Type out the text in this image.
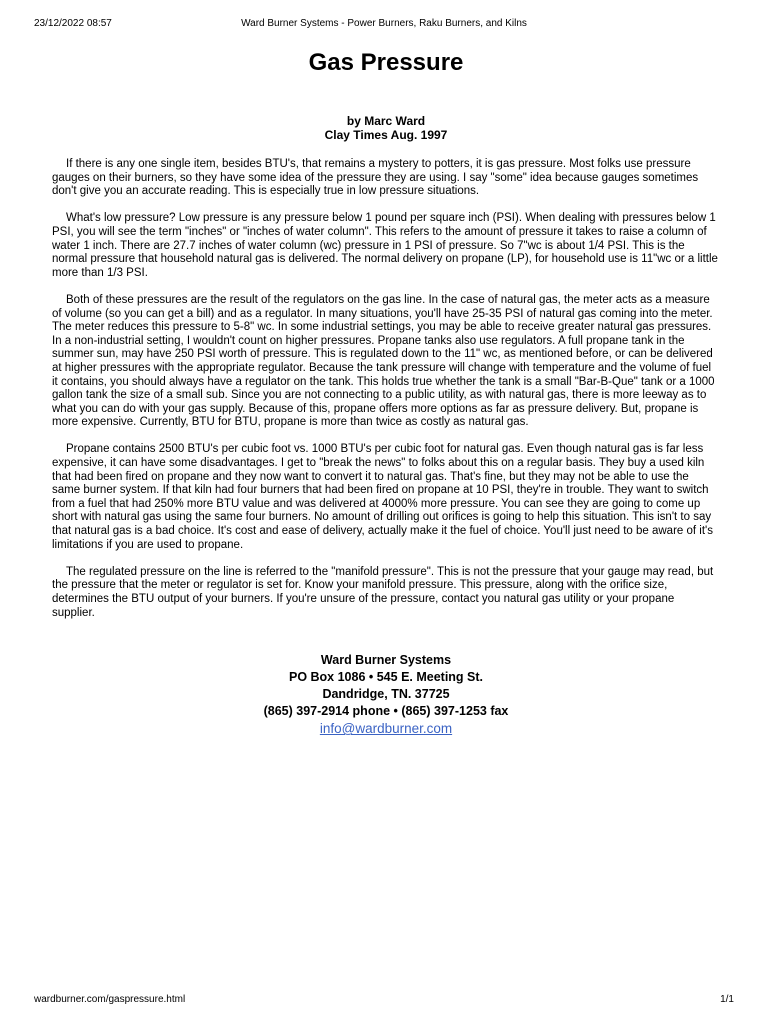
23/12/2022 08:57	Ward Burner Systems - Power Burners, Raku Burners, and Kilns
Gas Pressure
by Marc Ward
Clay Times Aug. 1997

If there is any one single item, besides BTU's, that remains a mystery to potters, it is gas pressure. Most folks use pressure gauges on their burners, so they have some idea of the pressure they are using. I say "some" idea because gauges sometimes don't give you an accurate reading. This is especially true in low pressure situations.

What's low pressure? Low pressure is any pressure below 1 pound per square inch (PSI). When dealing with pressures below 1 PSI, you will see the term "inches" or "inches of water column". This refers to the amount of pressure it takes to raise a column of water 1 inch. There are 27.7 inches of water column (wc) pressure in 1 PSI of pressure. So 7"wc is about 1/4 PSI. This is the normal pressure that household natural gas is delivered. The normal delivery on propane (LP), for household use is 11"wc or a little more than 1/3 PSI.

Both of these pressures are the result of the regulators on the gas line. In the case of natural gas, the meter acts as a measure of volume (so you can get a bill) and as a regulator. In many situations, you'll have 25-35 PSI of natural gas coming into the meter. The meter reduces this pressure to 5-8" wc. In some industrial settings, you may be able to receive greater natural gas pressures. In a non-industrial setting, I wouldn't count on higher pressures. Propane tanks also use regulators. A full propane tank in the summer sun, may have 250 PSI worth of pressure. This is regulated down to the 11" wc, as mentioned before, or can be delivered at higher pressures with the appropriate regulator. Because the tank pressure will change with temperature and the volume of fuel it contains, you should always have a regulator on the tank. This holds true whether the tank is a small "Bar-B-Que" tank or a 1000 gallon tank the size of a small sub. Since you are not connecting to a public utility, as with natural gas, there is more leeway as to what you can do with your gas supply. Because of this, propane offers more options as far as pressure delivery. But, propane is more expensive. Currently, BTU for BTU, propane is more than twice as costly as natural gas.

Propane contains 2500 BTU's per cubic foot vs. 1000 BTU's per cubic foot for natural gas. Even though natural gas is far less expensive, it can have some disadvantages. I get to "break the news" to folks about this on a regular basis. They buy a used kiln that had been fired on propane and they now want to convert it to natural gas. That's fine, but they may not be able to use the same burner system. If that kiln had four burners that had been fired on propane at 10 PSI, they're in trouble. They want to switch from a fuel that had 250% more BTU value and was delivered at 4000% more pressure. You can see they are going to come up short with natural gas using the same four burners. No amount of drilling out orifices is going to help this situation. This isn't to say that natural gas is a bad choice. It's cost and ease of delivery, actually make it the fuel of choice. You'll just need to be aware of it's limitations if you are used to propane.

The regulated pressure on the line is referred to the "manifold pressure". This is not the pressure that your gauge may read, but the pressure that the meter or regulator is set for. Know your manifold pressure. This pressure, along with the orifice size, determines the BTU output of your burners. If you're unsure of the pressure, contact you natural gas utility or your propane supplier.

Ward Burner Systems
PO Box 1086 • 545 E. Meeting St.
Dandridge, TN. 37725
(865) 397-2914 phone • (865) 397-1253 fax
info@wardburner.com
wardburner.com/gaspressure.html	1/1
